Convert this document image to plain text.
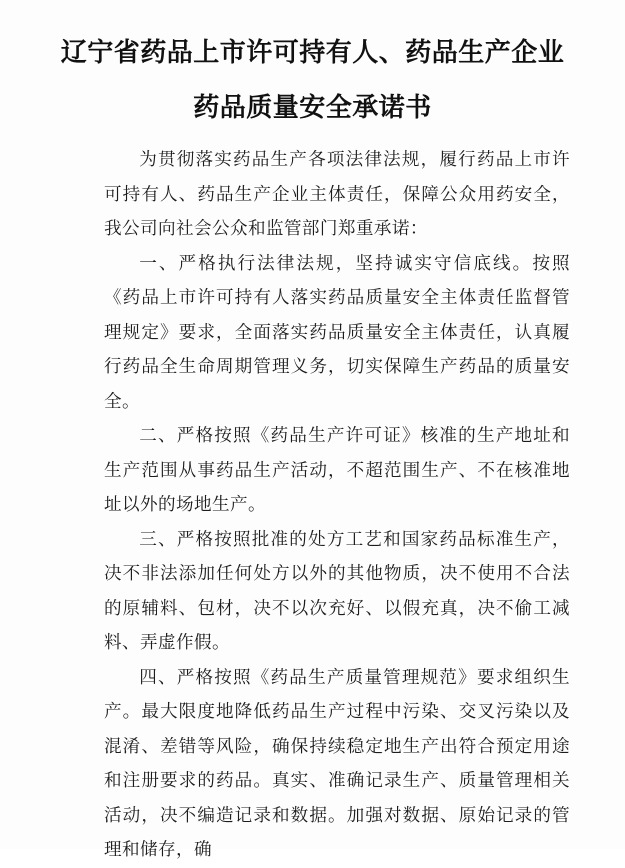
辽宁省药品上市许可持有人、药品生产企业
药品质量安全承诺书

为贯彻落实药品生产各项法律法规，履行药品上市许可持有人、药品生产企业主体责任，保障公众用药安全，我公司向社会公众和监管部门郑重承诺：

一、严格执行法律法规，坚持诚实守信底线。按照《药品上市许可持有人落实药品质量安全主体责任监督管理规定》要求，全面落实药品质量安全主体责任，认真履行药品全生命周期管理义务，切实保障生产药品的质量安全。

二、严格按照《药品生产许可证》核准的生产地址和生产范围从事药品生产活动，不超范围生产、不在核准地址以外的场地生产。

三、严格按照批准的处方工艺和国家药品标准生产，决不非法添加任何处方以外的其他物质，决不使用不合法的原辅料、包材，决不以次充好、以假充真，决不偷工减料、弄虚作假。

四、严格按照《药品生产质量管理规范》要求组织生产。最大限度地降低药品生产过程中污染、交叉污染以及混淆、差错等风险，确保持续稳定地生产出符合预定用途和注册要求的药品。真实、准确记录生产、质量管理相关活动，决不编造记录和数据。加强对数据、原始记录的管理和储存，确
